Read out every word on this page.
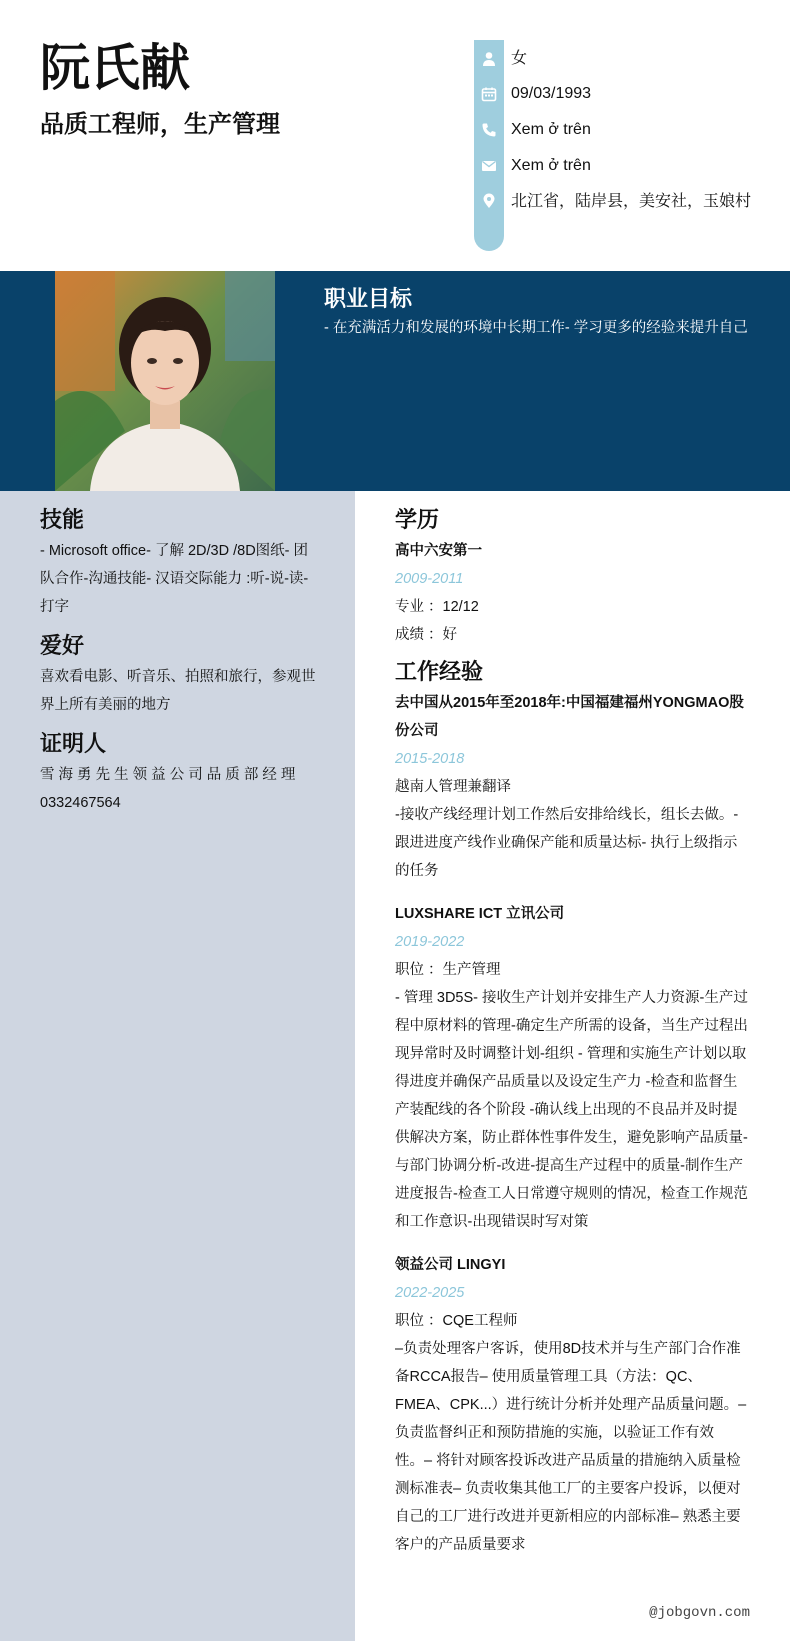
阮氏献
品质工程师，生产管理
女
09/03/1993
Xem ở trên
Xem ở trên
北江省，陆岸县，美安社，玉娘村
职业目标
- 在充满活力和发展的环境中长期工作- 学习更多的经验来提升自己
技能
- Microsoft office- 了解 2D/3D /8D图纸- 团队合作-沟通技能- 汉语交际能力 :听-说-读-打字
爱好
喜欢看电影、听音乐、拍照和旅行，参观世界上所有美丽的地方
证明人
雪 海 勇 先 生 领 益 公 司 品 质 部 经 理
0332467564
学历
高中六安第一
2009-2011
专业 ：12/12
成绩 ：好
工作经验
去中国从2015年至2018年:中国福建福州YONGMAO股份公司
2015-2018
越南人管理兼翻译
-接收产线经理计划工作然后安排给线长，组长去做。- 跟进进度产线作业确保产能和质量达标- 执行上级指示的任务
LUXSHARE ICT 立讯公司
2019-2022
职位 ：生产管理
- 管理 3D5S- 接收生产计划并安排生产人力资源-生产过程中原材料的管理-确定生产所需的设备，当生产过程出现异常时及时调整计划-组织 - 管理和实施生产计划以取得进度并确保产品质量以及设定生产力 -检查和监督生产装配线的各个阶段 -确认线上出现的不良品并及时提供解决方案，防止群体性事件发生，避免影响产品质量-与部门协调分析-改进-提高生产过程中的质量-制作生产进度报告-检查工人日常遵守规则的情况，检查工作规范和工作意识-出现错误时写对策
领益公司 LINGYI
2022-2025
职位 ：CQE工程师
–负责处理客户客诉，使用8D技术并与生产部门合作准备RCCA报告– 使用质量管理工具（方法：QC、FMEA、CPK...）进行统计分析并处理产品质量问题。– 负责监督纠正和预防措施的实施，以验证工作有效性。– 将针对顾客投诉改进产品质量的措施纳入质量检测标准表– 负责收集其他工厂的主要客户投诉，以便对自己的工厂进行改进并更新相应的内部标准– 熟悉主要客户的产品质量要求
@jobgovn.com
